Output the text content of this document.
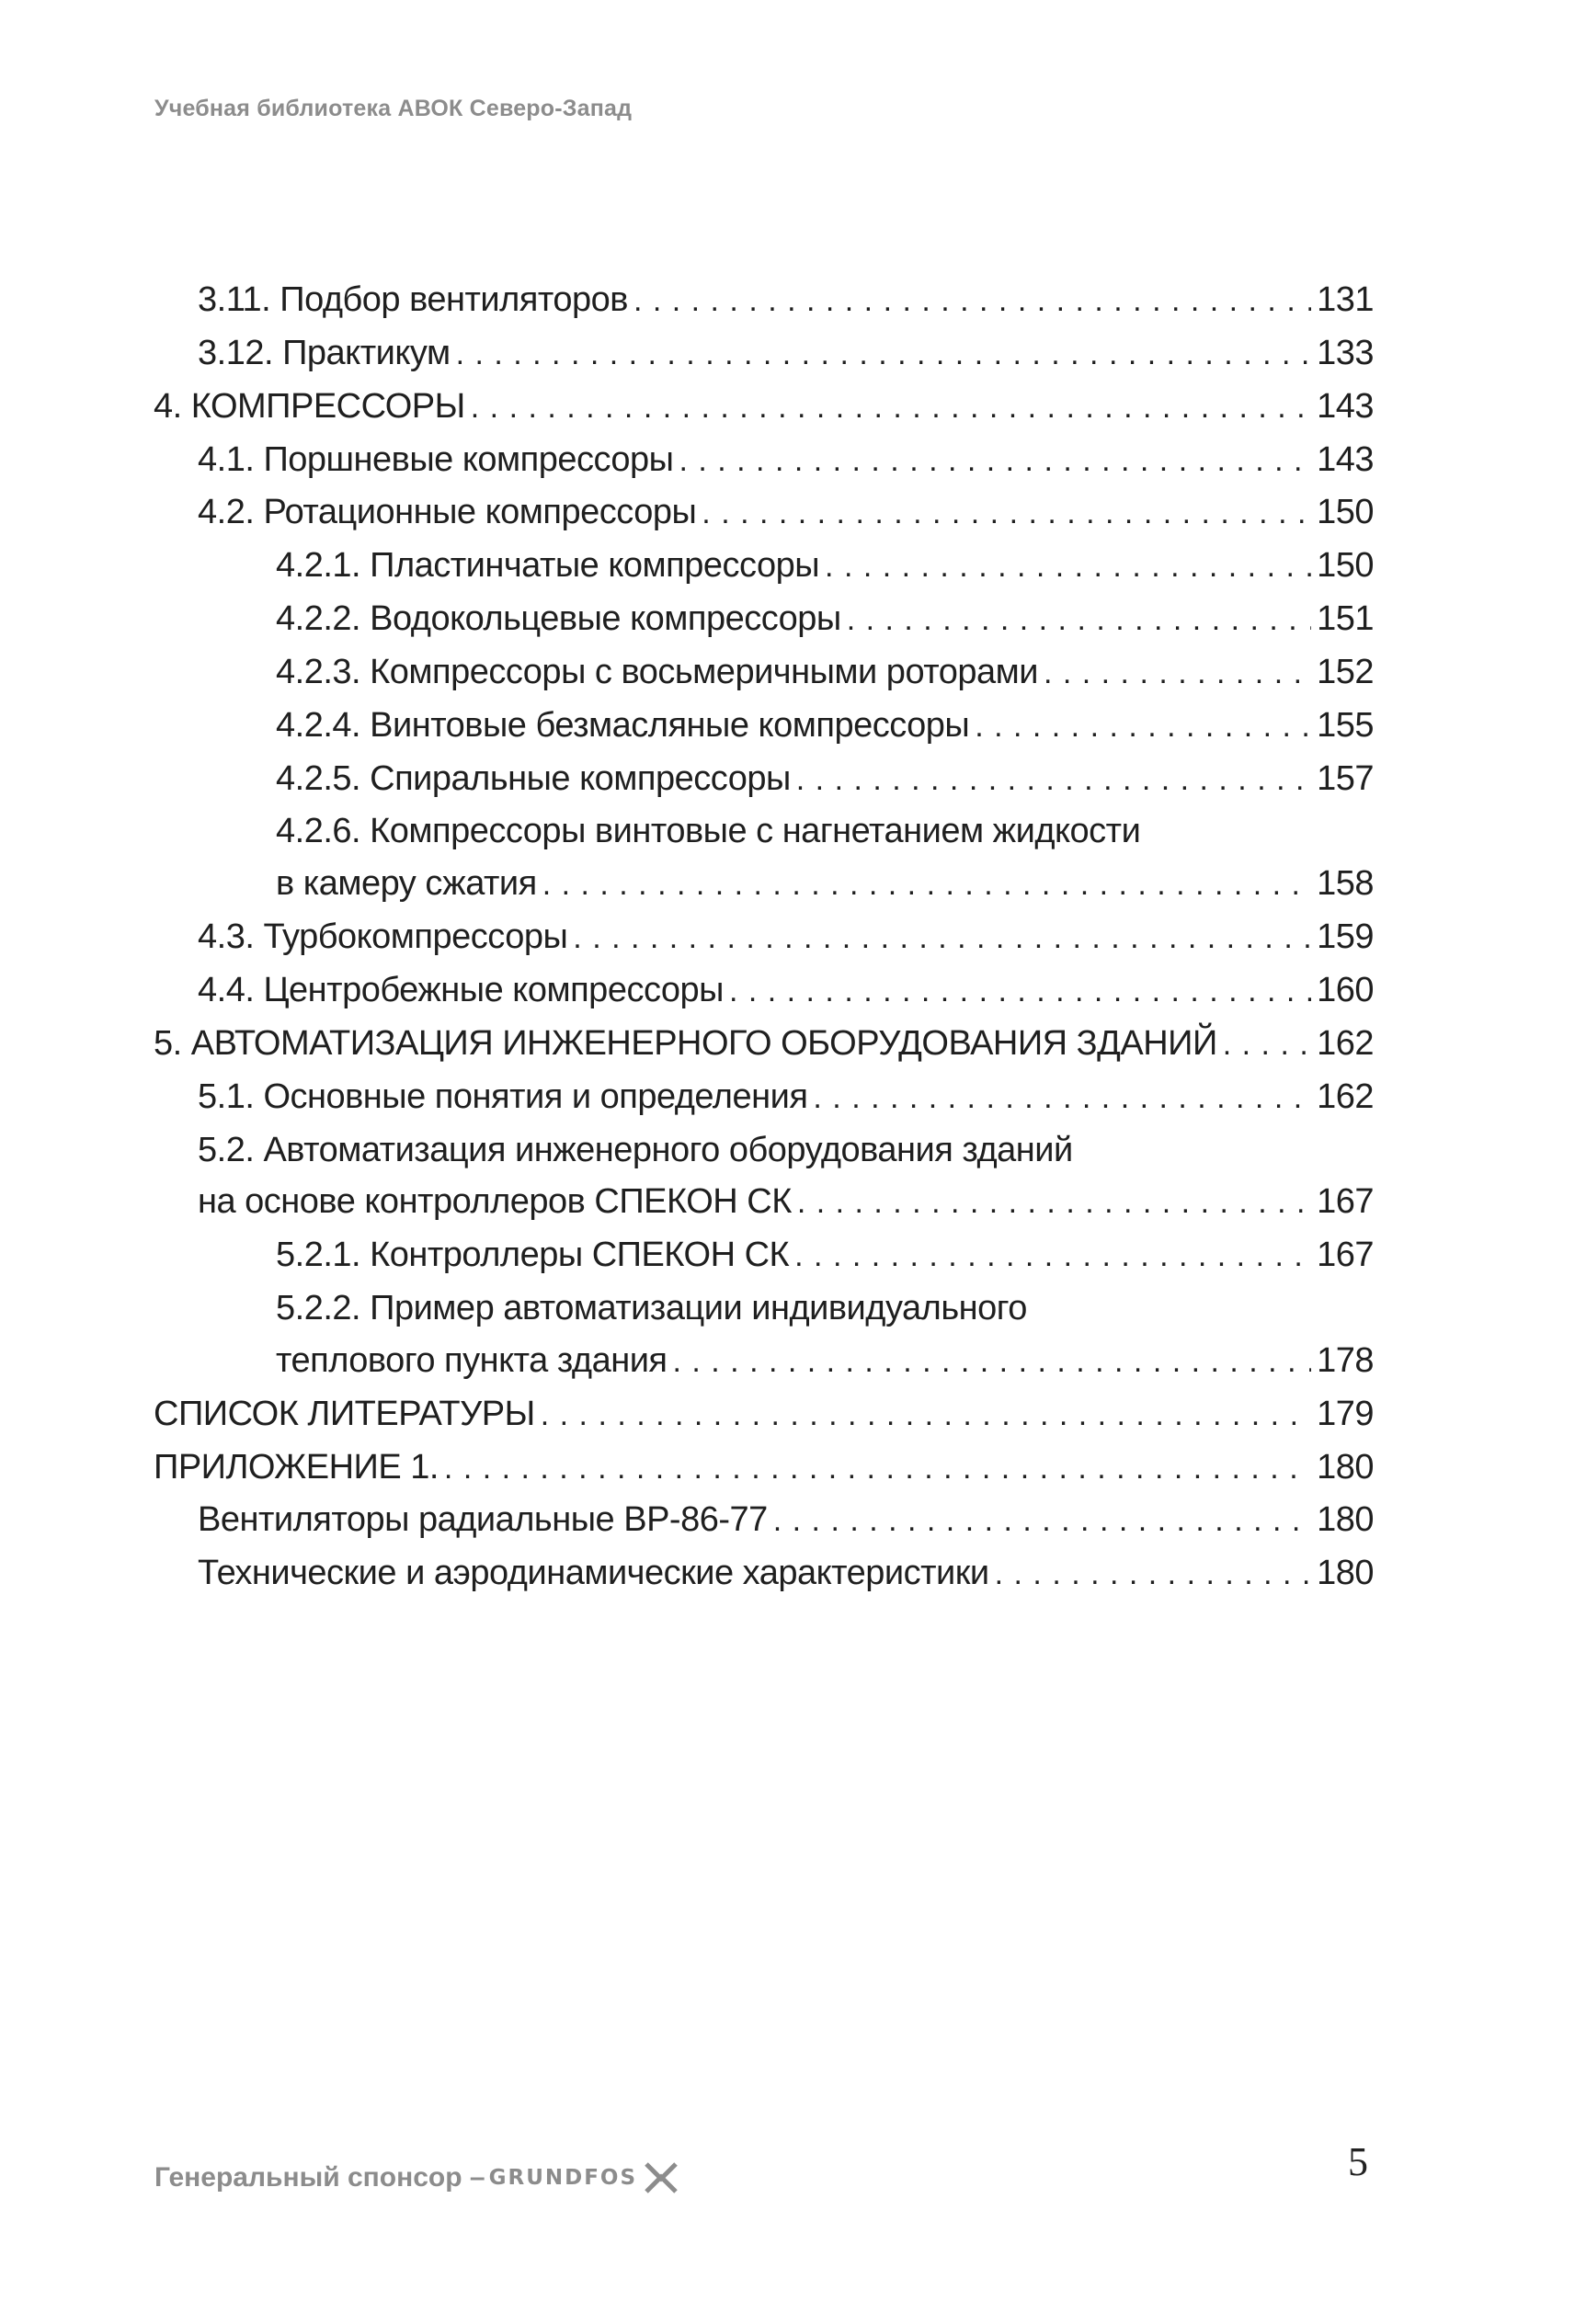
Учебная библиотека АВОК Северо-Запад
3.11. Подбор вентиляторов . . .	131
3.12. Практикум . . .	133
4. КОМПРЕССОРЫ . . .	143
4.1. Поршневые компрессоры . . .	143
4.2. Ротационные компрессоры . . .	150
4.2.1. Пластинчатые компрессоры . . .	150
4.2.2. Водокольцевые компрессоры . . .	151
4.2.3. Компрессоры с восьмеричными роторами . . .	152
4.2.4. Винтовые безмасляные компрессоры . . .	155
4.2.5. Спиральные компрессоры . . .	157
4.2.6. Компрессоры винтовые с нагнетанием жидкости
в камеру сжатия . . .	158
4.3. Турбокомпрессоры . . .	159
4.4. Центробежные компрессоры . . .	160
5. АВТОМАТИЗАЦИЯ ИНЖЕНЕРНОГО ОБОРУДОВАНИЯ ЗДАНИЙ . . .	162
5.1. Основные понятия и определения . . .	162
5.2. Автоматизация инженерного оборудования зданий
на основе контроллеров СПЕКОН СК . . .	167
5.2.1. Контроллеры СПЕКОН СК . . .	167
5.2.2. Пример автоматизации индивидуального
теплового пункта здания . . .	178
СПИСОК ЛИТЕРАТУРЫ . . .	179
ПРИЛОЖЕНИЕ 1. . . .	180
Вентиляторы радиальные ВР-86-77 . . .	180
Технические и аэродинамические характеристики . . .	180
Генеральный спонсор – GRUNDFOS	5
